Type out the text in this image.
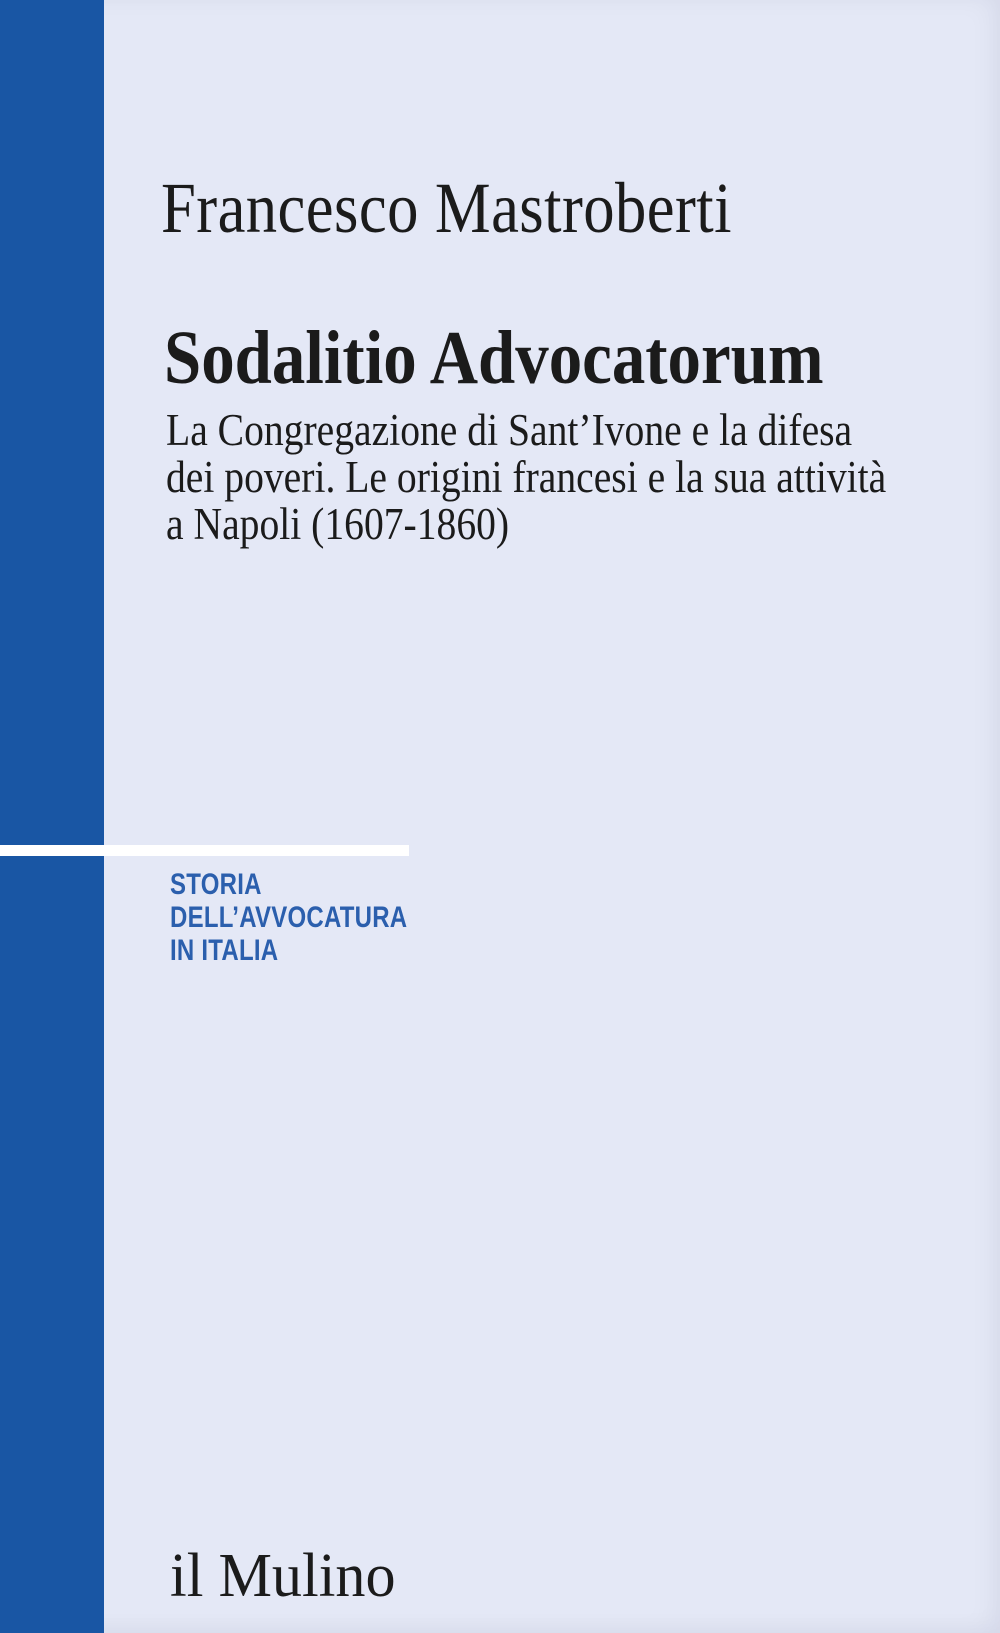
Francesco Mastroberti
Sodalitio Advocatorum
La Congregazione di Sant’Ivone e la difesa
dei poveri. Le origini francesi e la sua attività
a Napoli (1607-1860)
STORIA
DELL’AVVOCATURA
IN ITALIA
il Mulino
